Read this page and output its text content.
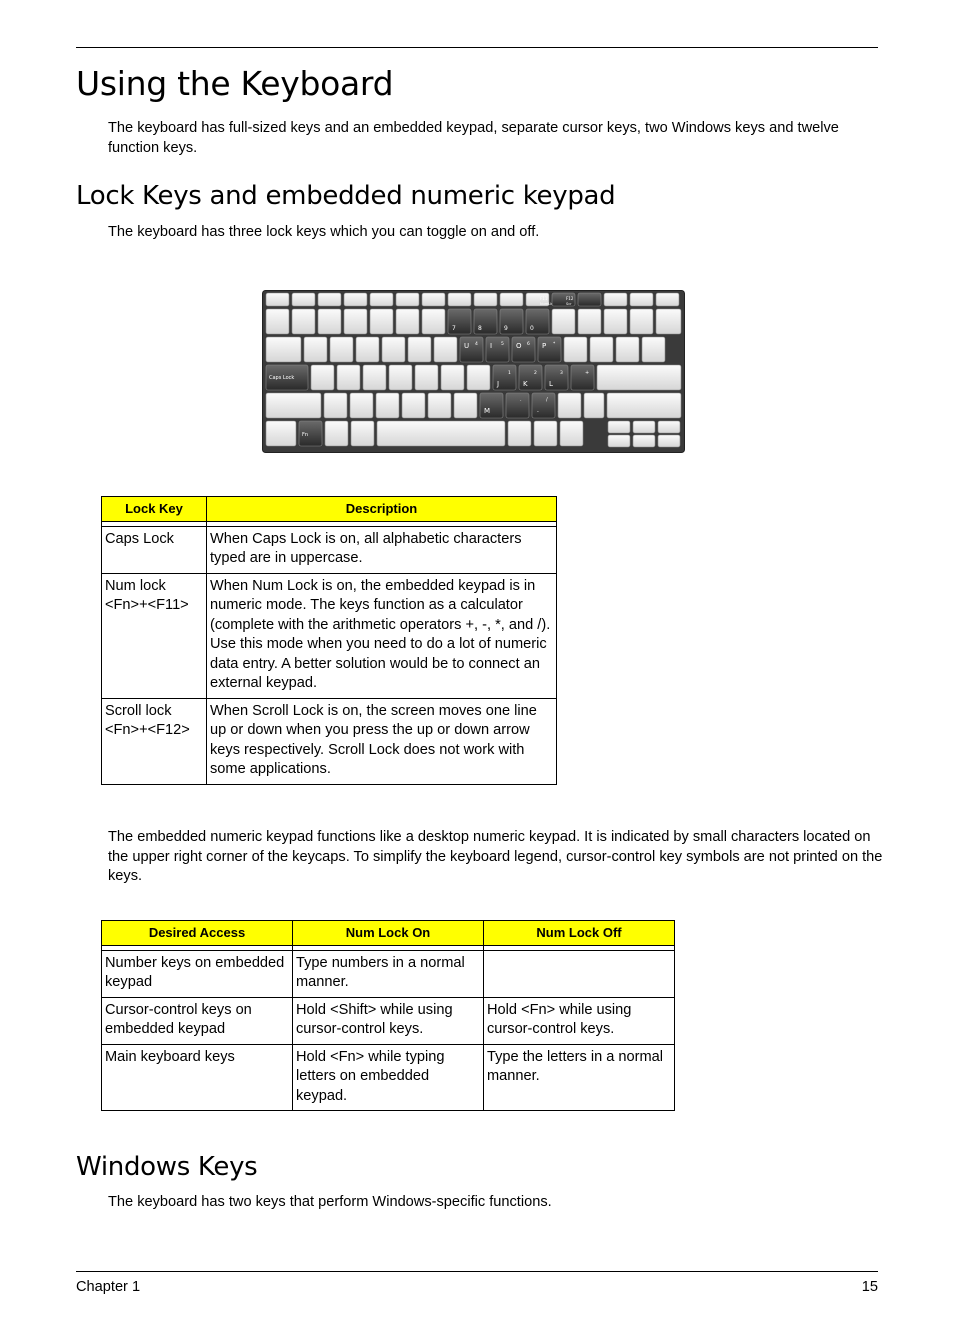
Using the Keyboard

The keyboard has full-sized keys and an embedded keypad, separate cursor keys, two Windows keys and twelve function keys.

Lock Keys and embedded numeric keypad

The keyboard has three lock keys which you can toggle on and off.

Caps Lock
Fn
F11
NumLk
F12
Scr
7	8	9	0
U 4 I 5 O 6 P *
J
1
K
2
L
3	+
M
.	/
-
Lock Key	Description

Caps Lock	When Caps Lock is on, all alphabetic characters typed are in uppercase.
Num lock <Fn>+<F11>	When Num Lock is on, the embedded keypad is in numeric mode. The keys function as a calculator (complete with the arithmetic operators +, -, *, and /). Use this mode when you need to do a lot of numeric data entry. A better solution would be to connect an external keypad.
Scroll lock <Fn>+<F12>	When Scroll Lock is on, the screen moves one line up or down when you press the up or down arrow keys respectively. Scroll Lock does not work with some applications.

The embedded numeric keypad functions like a desktop numeric keypad. It is indicated by small characters located on the upper right corner of the keycaps. To simplify the keyboard legend, cursor-control key symbols are not printed on the keys.

Desired Access	Num Lock On	Num Lock Off

Number keys on embedded keypad	Type numbers in a normal manner.	
Cursor-control keys on embedded keypad	Hold <Shift> while using cursor-control keys.	Hold <Fn> while using cursor-control keys.
Main keyboard keys	Hold <Fn> while typing letters on embedded keypad.	Type the letters in a normal manner.
Windows Keys

The keyboard has two keys that perform Windows-specific functions.

Chapter 1	15
